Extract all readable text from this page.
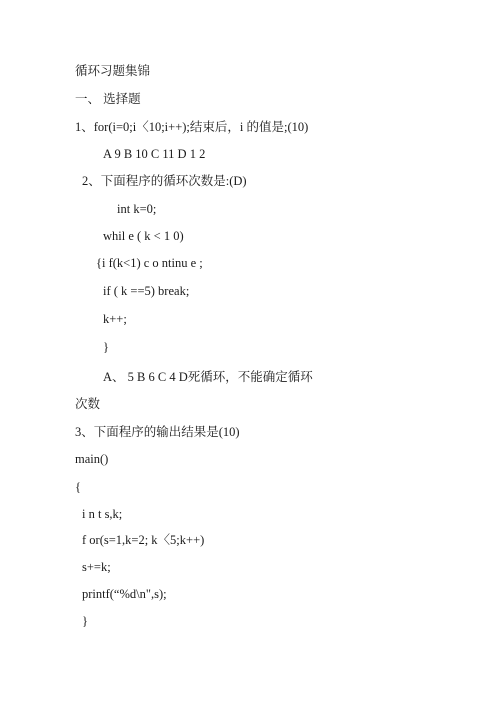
循环习题集锦
一、 选择题
1、for(i=0;i〈10;i++);结束后，i 的值是;(10)
A 9 B 10 C 11 D 1 2
2、下面程序的循环次数是:(D)
int k=0;
whil e ( k < 1 0)
{i f(k<1) c o ntinu e ;
if ( k ==5) break;
k++;
}
A、 5 B 6 C 4 D死循环，不能确定循环
次数
3、下面程序的输出结果是(10)
main()
{
i n t s,k;
f or(s=1,k=2; k〈5;k++)
s+=k;
printf(“%d\n",s);
}
